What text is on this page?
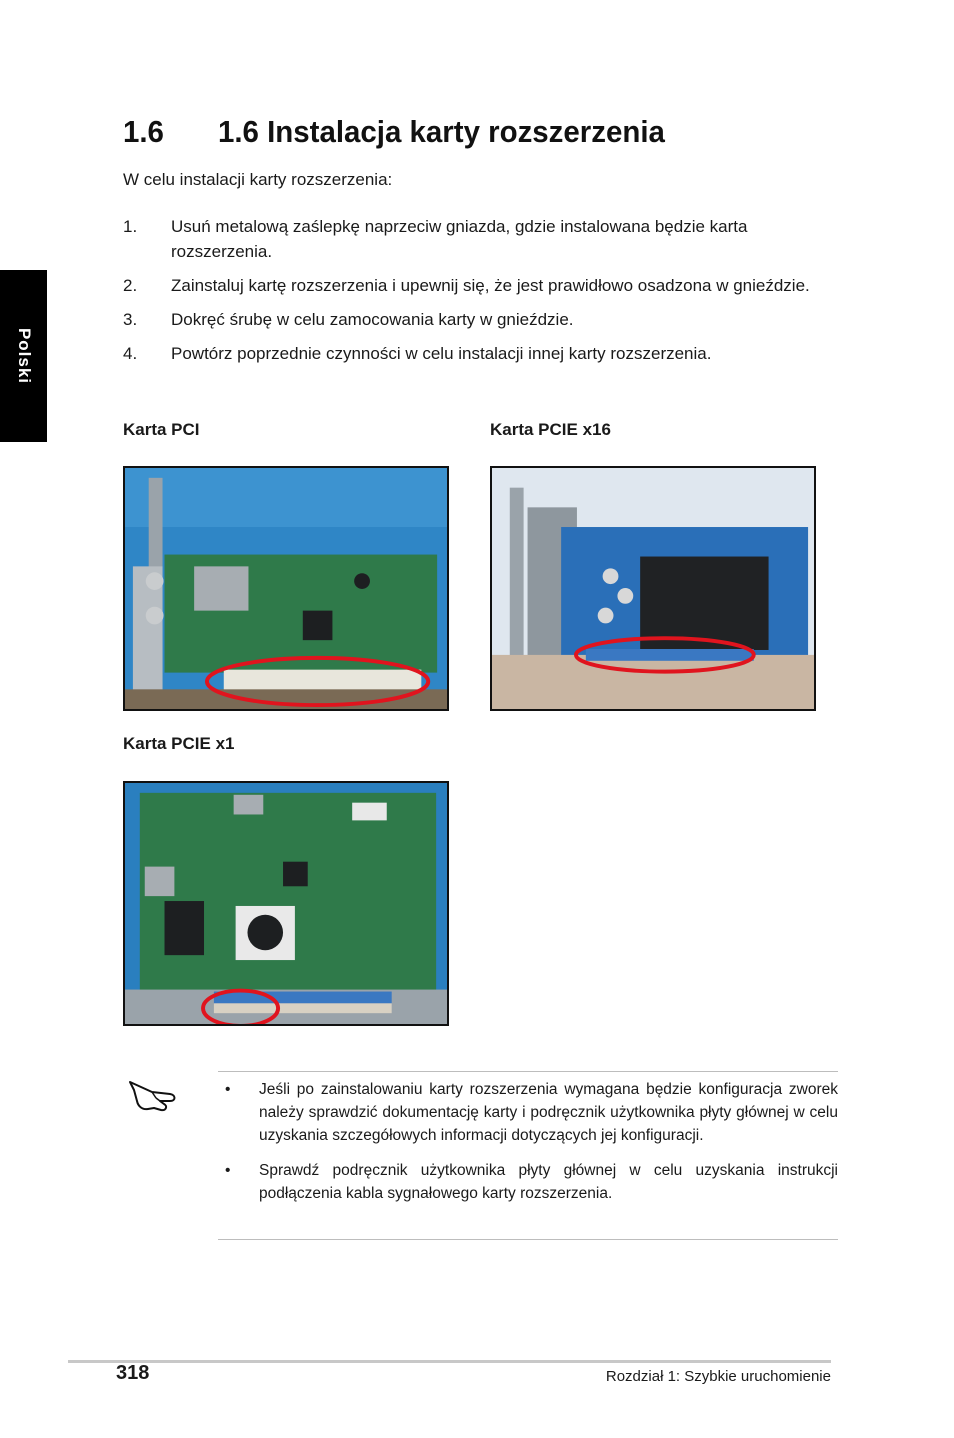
Polski
1.6 1.6 Instalacja karty rozszerzenia

W celu instalacji karty rozszerzenia:

1. Usuń metalową zaślepkę naprzeciw gniazda, gdzie instalowana będzie karta rozszerzenia.
2. Zainstaluj kartę rozszerzenia i upewnij się, że jest prawidłowo osadzona w gnieździe.
3. Dokręć śrubę w celu zamocowania karty w gnieździe.
4. Powtórz poprzednie czynności w celu instalacji innej karty rozszerzenia.

Karta PCI	Karta PCIE x16

Karta PCIE x1

• Jeśli po zainstalowaniu karty rozszerzenia wymagana będzie konfiguracja zworek należy sprawdzić dokumentację karty i podręcznik użytkownika płyty głównej w celu uzyskania szczegółowych informacji dotyczących jej konfiguracji.
• Sprawdź podręcznik użytkownika płyty głównej w celu uzyskania instrukcji podłączenia kabla sygnałowego karty rozszerzenia.

318	Rozdział 1: Szybkie uruchomienie
